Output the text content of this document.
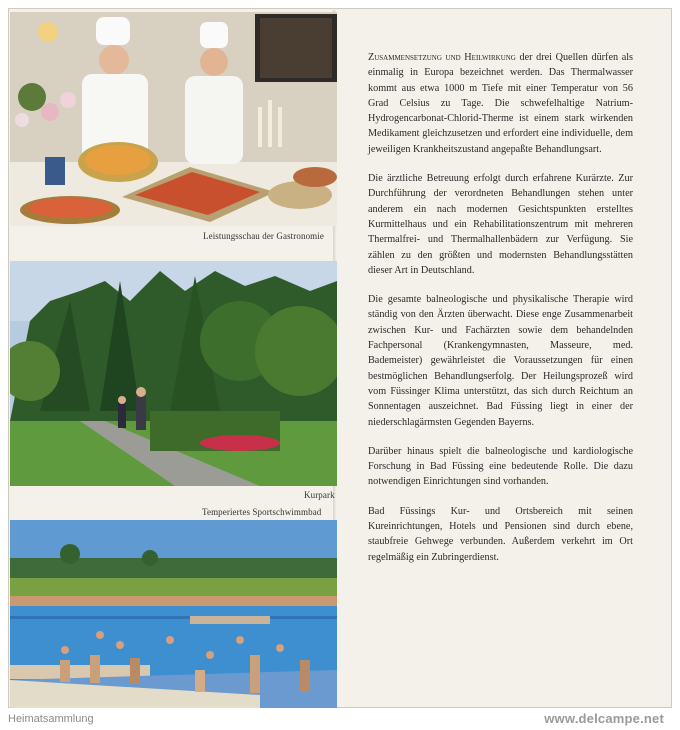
Leistungsschau der Gastronomie
Kurpark
Temperiertes Sportschwimmbad

Zusammensetzung und Heilwirkung der drei Quellen dürfen als einmalig in Europa bezeichnet werden. Das Thermalwasser kommt aus etwa 1000 m Tiefe mit einer Temperatur von 56 Grad Celsius zu Tage. Die schwefelhaltige Natrium-Hydrogencarbonat-Chlorid-Therme ist einem stark wirkenden Medikament gleichzusetzen und erfordert eine individuelle, dem jeweiligen Krankheitszustand angepaßte Behandlungsart.

Die ärztliche Betreuung erfolgt durch erfahrene Kurärzte. Zur Durchführung der verordneten Behandlungen stehen unter anderem ein nach modernen Gesichtspunkten erstelltes Kurmittelhaus und ein Rehabilitationszentrum mit mehreren Thermalfrei- und Thermalhallenbädern zur Verfügung. Sie zählen zu den größten und modernsten Behandlungsstätten dieser Art in Deutschland.

Die gesamte balneologische und physikalische Therapie wird ständig von den Ärzten überwacht. Diese enge Zusammenarbeit zwischen Kur- und Fachärzten sowie dem behandelnden Fachpersonal (Krankengymnasten, Masseure, med. Bademeister) gewährleistet die Voraussetzungen für einen bestmöglichen Behandlungserfolg. Der Heilungsprozeß wird vom Füssinger Klima unterstützt, das sich durch Reichtum an Sonnentagen auszeichnet. Bad Füssing liegt in einer der niederschlagärmsten Gegenden Bayerns.

Darüber hinaus spielt die balneologische und kardiologische Forschung in Bad Füssing eine bedeutende Rolle. Die dazu notwendigen Einrichtungen sind vorhanden.

Bad Füssings Kur- und Ortsbereich mit seinen Kureinrichtungen, Hotels und Pensionen sind durch ebene, staubfreie Gehwege verbunden. Außerdem verkehrt im Ort regelmäßig ein Zubringerdienst.

Heimatsammlung	www.delcampe.net
